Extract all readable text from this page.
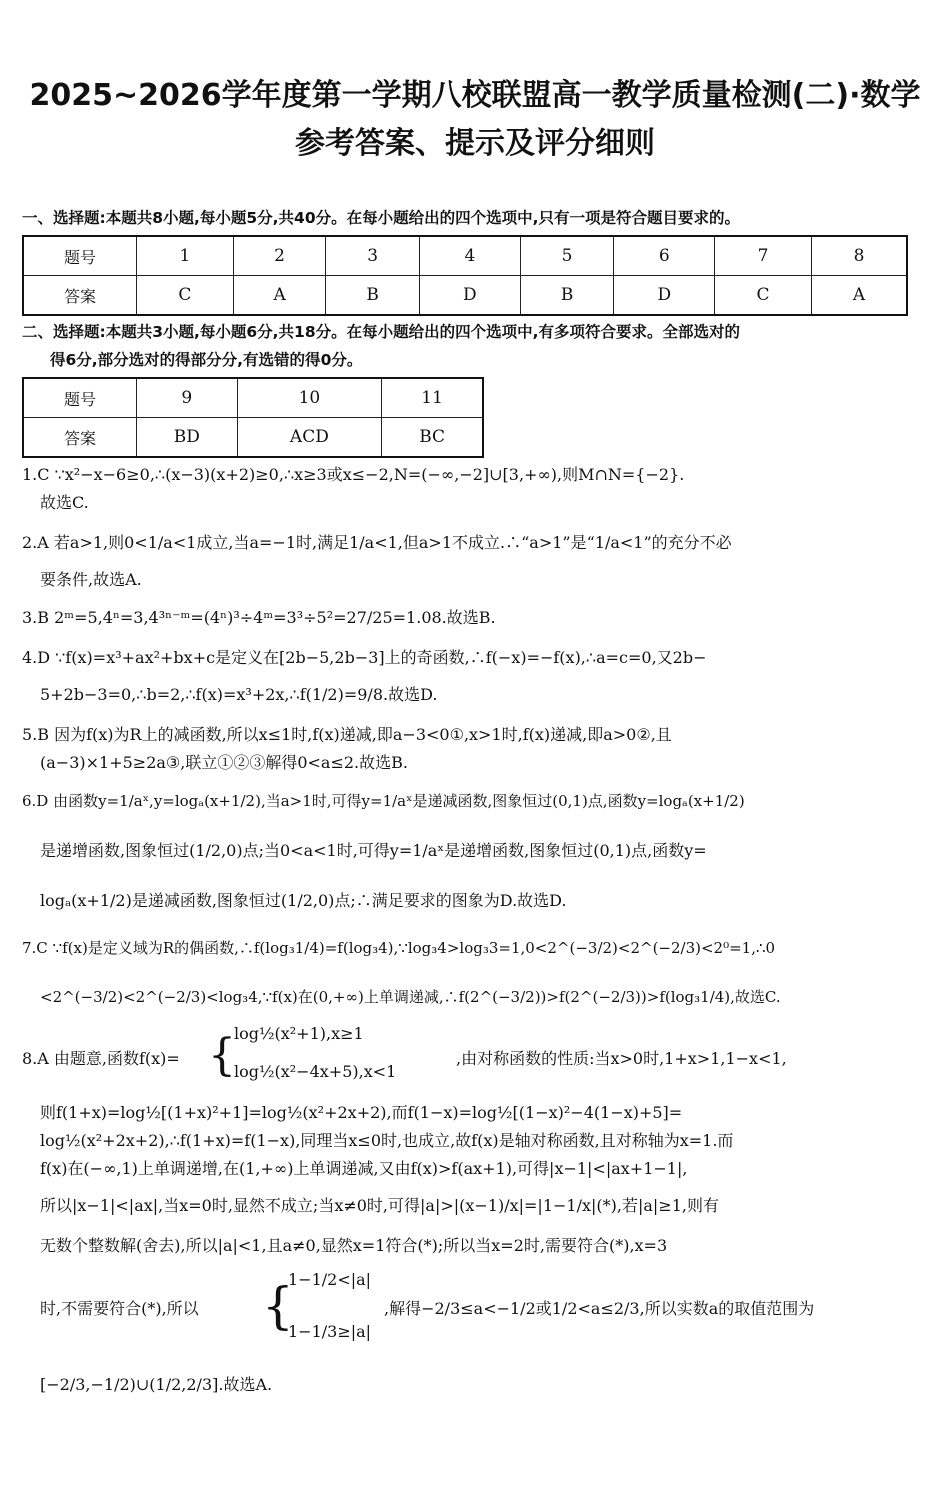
2025~2026学年度第一学期八校联盟高一教学质量检测(二)·数学
参考答案、提示及评分细则
一、选择题:本题共8小题,每小题5分,共40分。在每小题给出的四个选项中,只有一项是符合题目要求的。
题号	1	2	3	4	5	6	7	8
答案	C	A	B	D	B	D	C	A
二、选择题:本题共3小题,每小题6分,共18分。在每小题给出的四个选项中,有多项符合要求。全部选对的
得6分,部分选对的得部分分,有选错的得0分。
题号	9	10	11
答案	BD	ACD	BC
1.C ∵x²−x−6≥0,∴(x−3)(x+2)≥0,∴x≥3或x≤−2,N=(−∞,−2]∪[3,+∞),则M∩N={−2}.
故选C.
2.A 若a>1,则0<1/a<1成立,当a=−1时,满足1/a<1,但a>1不成立.∴“a>1”是“1/a<1”的充分不必
要条件,故选A.
3.B 2ᵐ=5,4ⁿ=3,4³ⁿ⁻ᵐ=(4ⁿ)³÷4ᵐ=3³÷5²=27/25=1.08.故选B.
4.D ∵f(x)=x³+ax²+bx+c是定义在[2b−5,2b−3]上的奇函数,∴f(−x)=−f(x),∴a=c=0,又2b−
5+2b−3=0,∴b=2,∴f(x)=x³+2x,∴f(1/2)=9/8.故选D.
5.B 因为f(x)为R上的减函数,所以x≤1时,f(x)递减,即a−3<0①,x>1时,f(x)递减,即a>0②,且
(a−3)×1+5≥2a③,联立①②③解得0<a≤2.故选B.
6.D 由函数y=1/aˣ,y=logₐ(x+1/2),当a>1时,可得y=1/aˣ是递减函数,图象恒过(0,1)点,函数y=logₐ(x+1/2)
是递增函数,图象恒过(1/2,0)点;当0<a<1时,可得y=1/aˣ是递增函数,图象恒过(0,1)点,函数y=
logₐ(x+1/2)是递减函数,图象恒过(1/2,0)点;∴满足要求的图象为D.故选D.
7.C ∵f(x)是定义域为R的偶函数,∴f(log₃1/4)=f(log₃4),∵log₃4>log₃3=1,0<2^(−3/2)<2^(−2/3)<2⁰=1,∴0
<2^(−3/2)<2^(−2/3)<log₃4,∵f(x)在(0,+∞)上单调递减,∴f(2^(−3/2))>f(2^(−2/3))>f(log₃1/4),故选C.
8.A 由题意,函数f(x)= {
log½(x²+1),x≥1
log½(x²−4x+5),x<1
,由对称函数的性质:当x>0时,1+x>1,1−x<1,
则f(1+x)=log½[(1+x)²+1]=log½(x²+2x+2),而f(1−x)=log½[(1−x)²−4(1−x)+5]=
log½(x²+2x+2),∴f(1+x)=f(1−x),同理当x≤0时,也成立,故f(x)是轴对称函数,且对称轴为x=1.而
f(x)在(−∞,1)上单调递增,在(1,+∞)上单调递减,又由f(x)>f(ax+1),可得|x−1|<|ax+1−1|,
所以|x−1|<|ax|,当x=0时,显然不成立;当x≠0时,可得|a|>|(x−1)/x|=|1−1/x|(*),若|a|≥1,则有
无数个整数解(舍去),所以|a|<1,且a≠0,显然x=1符合(*);所以当x=2时,需要符合(*),x=3
时,不需要符合(*),所以	{
1−1/2<|a|
1−1/3≥|a|
,解得−2/3≤a<−1/2或1/2<a≤2/3,所以实数a的取值范围为
[−2/3,−1/2)∪(1/2,2/3].故选A.
